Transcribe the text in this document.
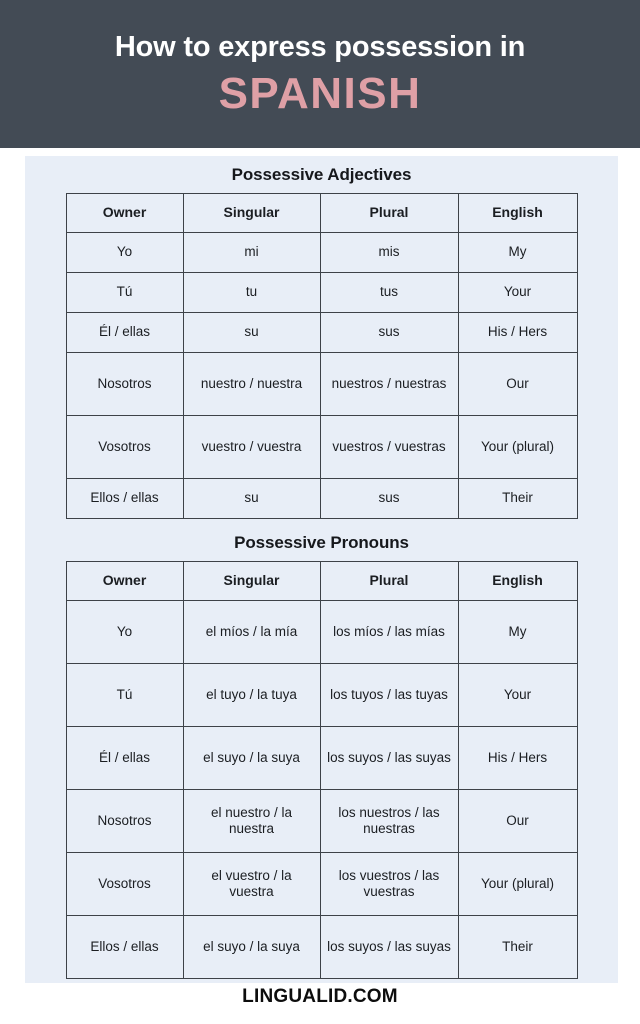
How to express possession in
SPANISH
Possessive Adjectives
Owner	Singular	Plural	English
Yo	mi	mis	My
Tú	tu	tus	Your
Él / ellas	su	sus	His / Hers
Nosotros	nuestro / nuestra	nuestros / nuestras	Our
Vosotros	vuestro / vuestra	vuestros / vuestras	Your (plural)
Ellos / ellas	su	sus	Their
Possessive Pronouns
Owner	Singular	Plural	English
Yo	el míos / la mía	los míos / las mías	My
Tú	el tuyo / la tuya	los tuyos / las tuyas	Your
Él / ellas	el suyo / la suya	los suyos / las suyas	His / Hers
Nosotros	el nuestro / la nuestra	los nuestros / las nuestras	Our
Vosotros	el vuestro / la vuestra	los vuestros / las vuestras	Your (plural)
Ellos / ellas	el suyo / la suya	los suyos / las suyas	Their
LINGUALID.COM
